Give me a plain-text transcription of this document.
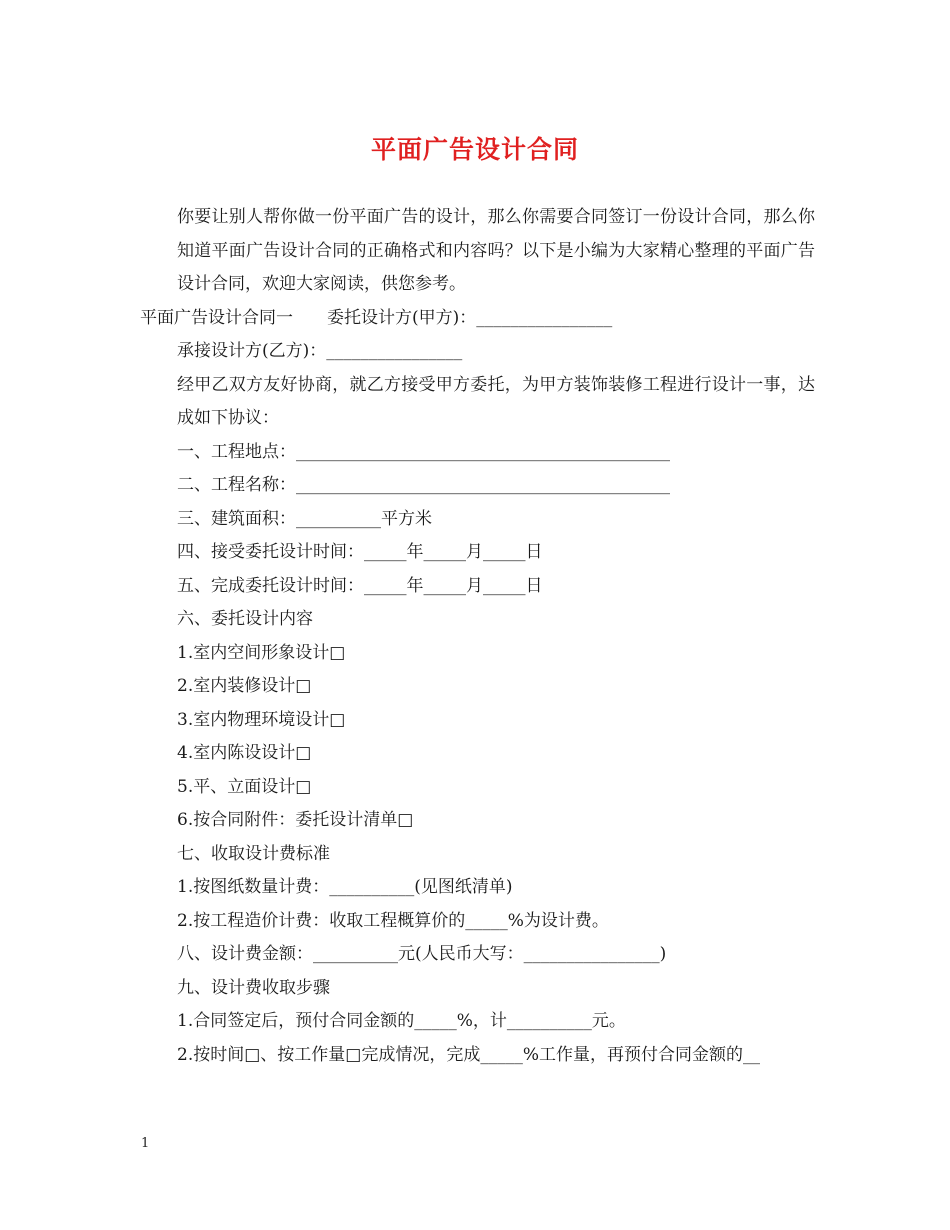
平面广告设计合同

你要让别人帮你做一份平面广告的设计，那么你需要合同签订一份设计合同，那么你知道平面广告设计合同的正确格式和内容吗？以下是小编为大家精心整理的平面广告设计合同，欢迎大家阅读，供您参考。

平面广告设计合同一　　委托设计方(甲方)：________________

承接设计方(乙方)：________________

经甲乙双方友好协商，就乙方接受甲方委托，为甲方装饰装修工程进行设计一事，达成如下协议：

一、工程地点：____________________________________________

二、工程名称：____________________________________________

三、建筑面积：__________平方米

四、接受委托设计时间：_____年_____月_____日

五、完成委托设计时间：_____年_____月_____日

六、委托设计内容

1.室内空间形象设计□

2.室内装修设计□

3.室内物理环境设计□

4.室内陈设设计□

5.平、立面设计□

6.按合同附件：委托设计清单□

七、收取设计费标准

1.按图纸数量计费：__________(见图纸清单)

2.按工程造价计费：收取工程概算价的_____%为设计费。

八、设计费金额：__________元(人民币大写：________________)

九、设计费收取步骤

1.合同签定后，预付合同金额的_____%，计__________元。

2.按时间□、按工作量□完成情况，完成_____%工作量，再预付合同金额的__

1
